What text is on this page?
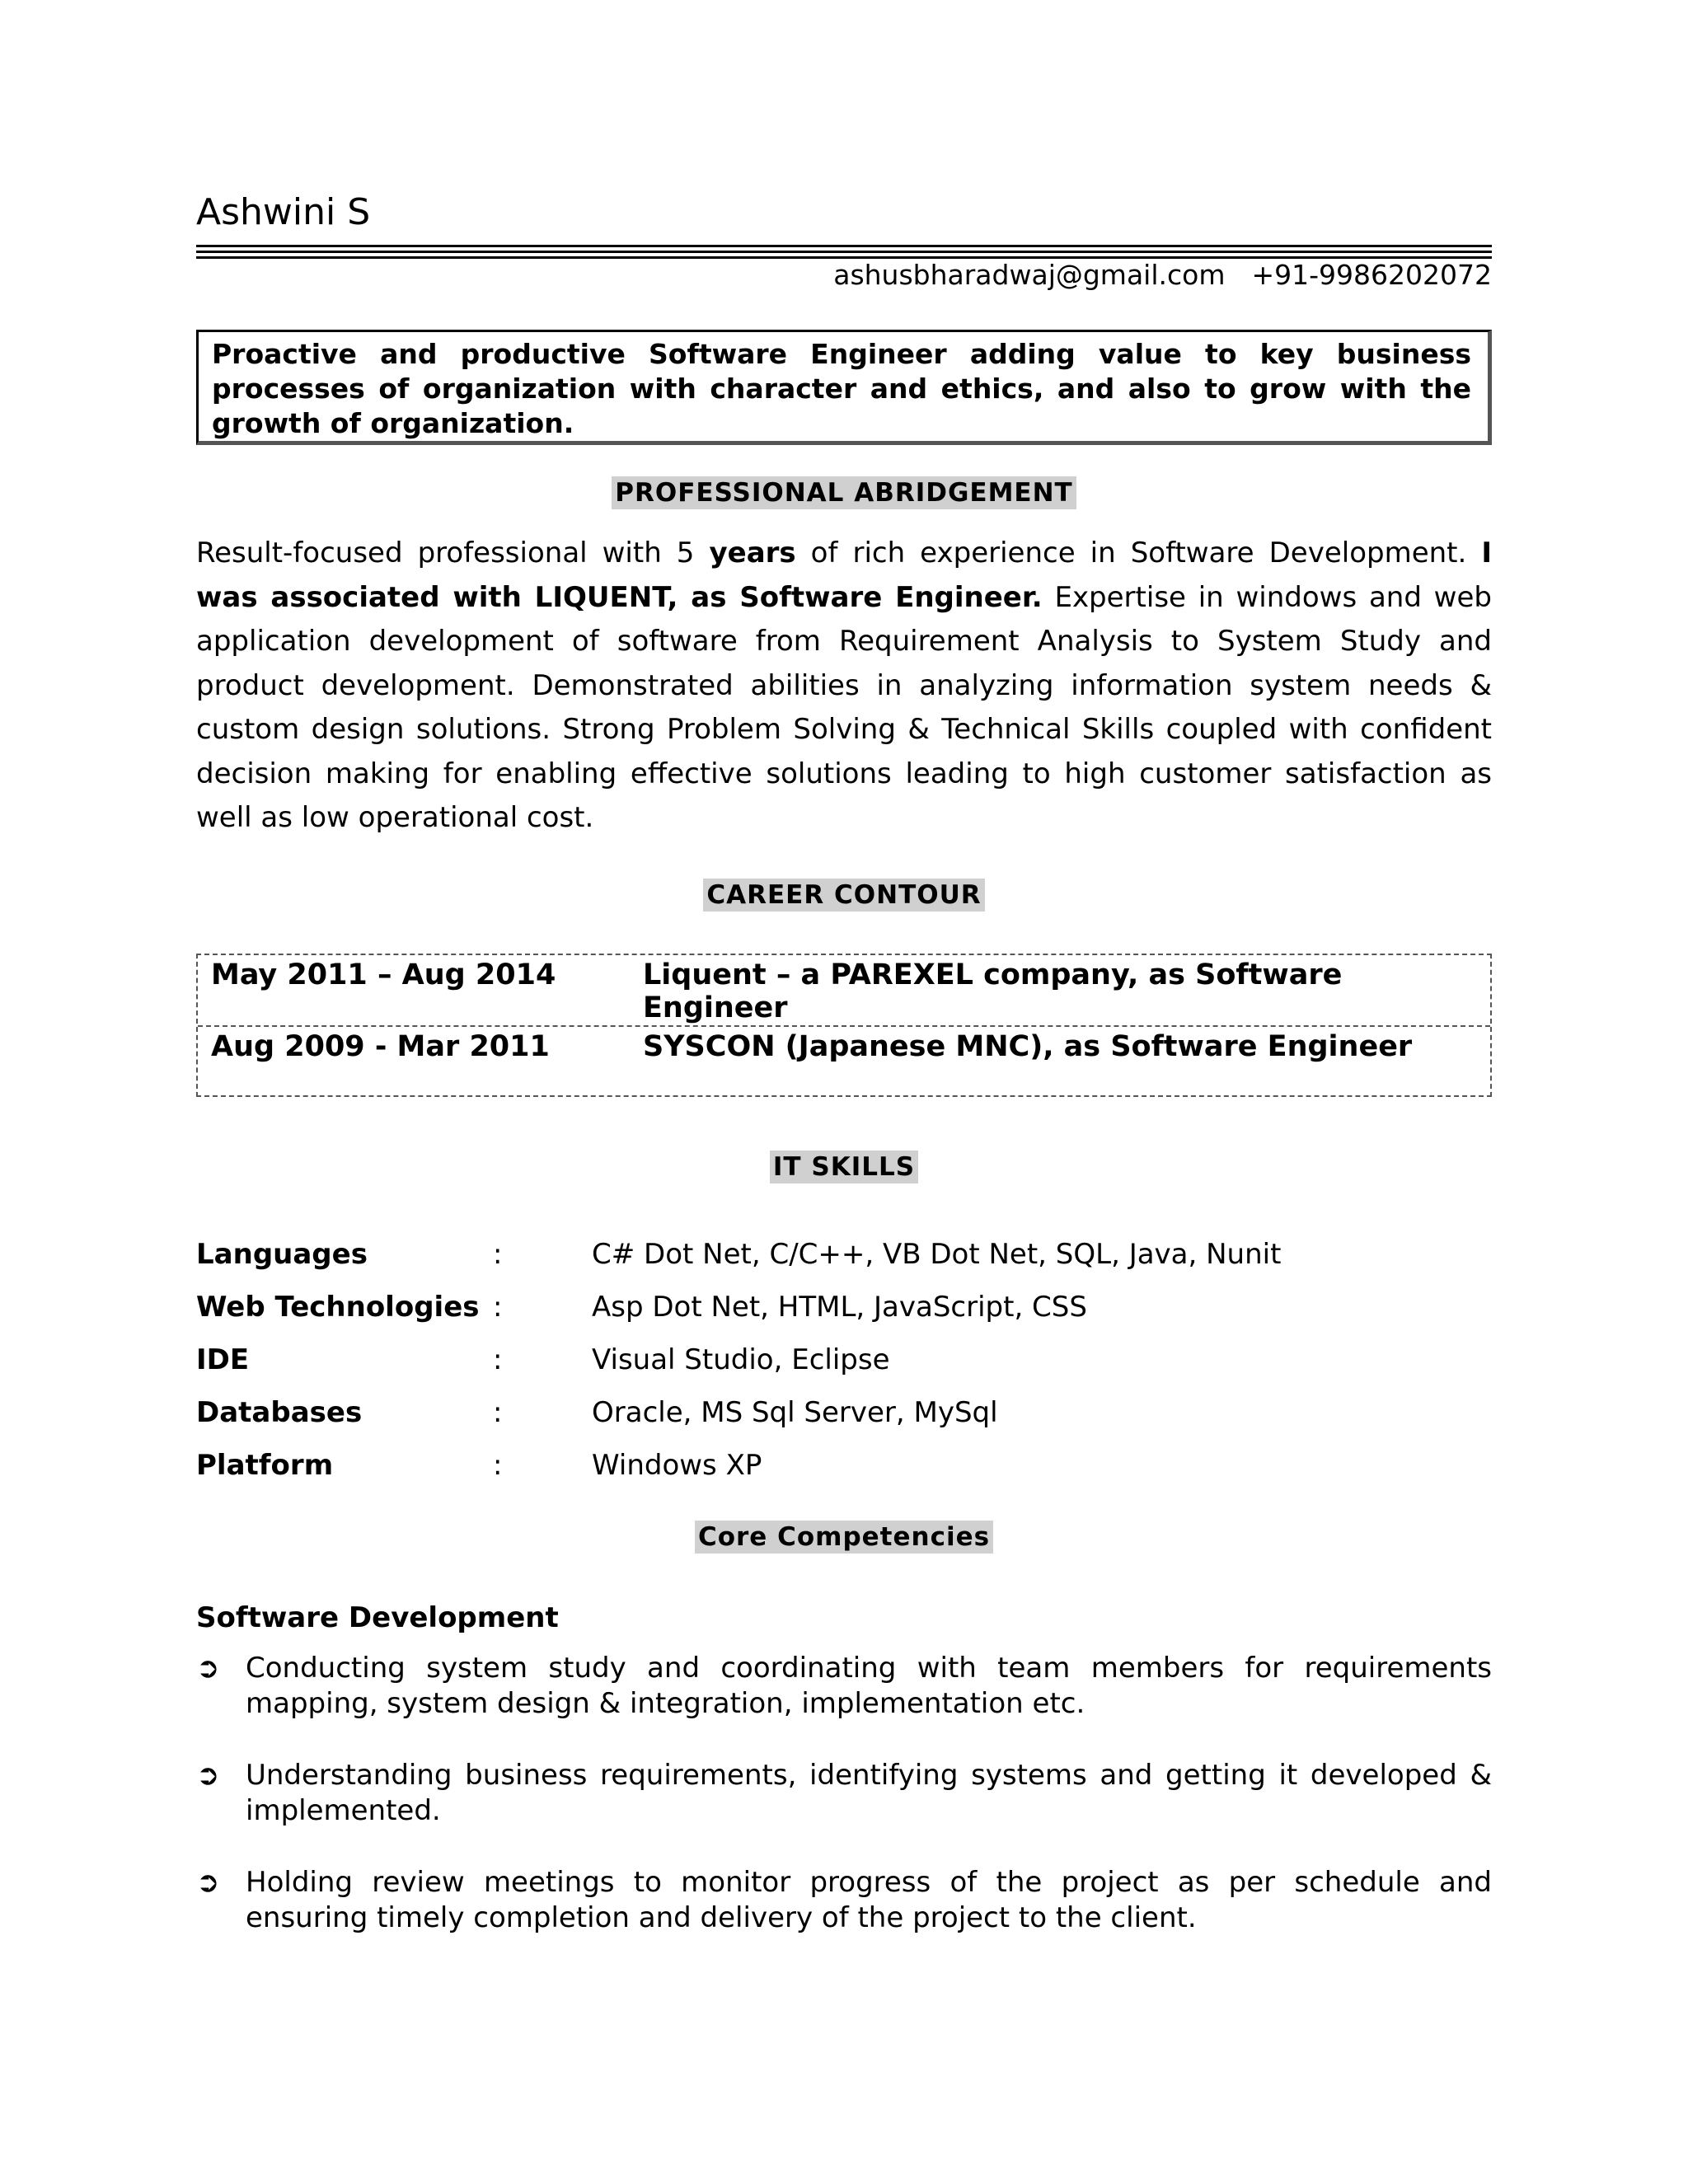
Ashwini S
ashusbharadwaj@gmail.com +91-9986202072
Proactive and productive Software Engineer adding value to key business processes of organization with character and ethics, and also to grow with the growth of organization.
PROFESSIONAL ABRIDGEMENT
Result-focused professional with 5 years of rich experience in Software Development. I was associated with LIQUENT, as Software Engineer. Expertise in windows and web application development of software from Requirement Analysis to System Study and product development. Demonstrated abilities in analyzing information system needs & custom design solutions. Strong Problem Solving & Technical Skills coupled with confident decision making for enabling effective solutions leading to high customer satisfaction as well as low operational cost.
CAREER CONTOUR
May 2011 – Aug 2014	Liquent – a PAREXEL company, as Software Engineer
Aug 2009 - Mar 2011	SYSCON (Japanese MNC), as Software Engineer
IT SKILLS
Languages	:	C# Dot Net, C/C++, VB Dot Net, SQL, Java, Nunit
Web Technologies :	Asp Dot Net, HTML, JavaScript, CSS
IDE	:	Visual Studio, Eclipse
Databases	:	Oracle, MS Sql Server, MySql
Platform	:	Windows XP
Core Competencies
Software Development
➲ Conducting system study and coordinating with team members for requirements mapping, system design & integration, implementation etc.
➲ Understanding business requirements, identifying systems and getting it developed & implemented.
➲ Holding review meetings to monitor progress of the project as per schedule and ensuring timely completion and delivery of the project to the client.
